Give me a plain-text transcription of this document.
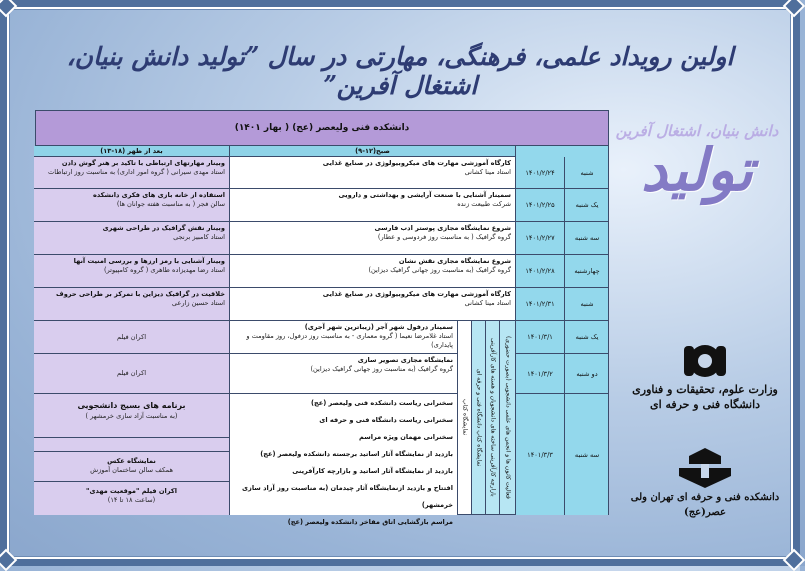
اولین رویداد علمی، فرهنگی، مهارتی در سال ˮتولید دانش بنیان، اشتغال آفرینˮ
دانش بنیان، اشتغال آفرین
تولید
دانشکده فنی ولیعصر (عج) ( بهار ۱۴۰۱)
شنبه
۱۴۰۱/۲/۲۴
یک شنبه
۱۴۰۱/۲/۲۵
سه شنبه
۱۴۰۱/۲/۲۷
چهارشنبه
۱۴۰۱/۲/۲۸
شنبه
۱۴۰۱/۲/۳۱
یک شنبه
۱۴۰۱/۳/۱
دو شنبه
۱۴۰۱/۳/۲
سه شنبه
۱۴۰۱/۳/۳
صبح(۱۲-۹)
بعد از ظهر (۱۸-۱۳)
کارگاه آموزشی مهارت های میکروبیولوژی در صنایع غذایی
استاد مینا کشانی
سمینار آشنایی با صنعت آرایشی و بهداشتی و دارویی
شرکت طبیعت زنده
شروع نمایشگاه مجازی پوستر ادب فارسی
گروه گرافیک ( به مناسبت روز فردوسی و عطار)
شروع نمایشگاه مجازی نقش نشان
گروه گرافیک (به مناسبت روز جهانی گرافیک دیزاین)
کارگاه آموزشی مهارت های میکروبیولوژی در صنایع غذایی
استاد مینا کشانی
فعالیت کانون ها و انجمن های علمی دانشجویی (بصورت حضوری)
بازارچه کارآفرینی ساخته های دانشجویان و هسته های کارآفرینی
نمایشگاه کتاب دانشگاه فنی و حرفه ای
نمایشگاه کتاب
سمینار درفول شهر آجر (زیباترین شهر آجری)
استاد غلامرضا نعیما ( گروه معماری - به مناسبت روز دزفول، روز مقاومت و پایداری)
نمایشگاه مجازی تصویر سازی
گروه گرافیک (به مناسبت روز جهانی گرافیک دیزاین)
سخنرانی ریاست دانشکده فنی ولیعصر (عج)
سخنرانی ریاست دانشگاه فنی و حرفه ای
سخنرانی مهمان ویژه مراسم
بازدید از نمایشگاه آثار اساتید برجسته دانشکده ولیعصر (عج)
بازدید از نمایشگاه آثار اساتید و بازارچه کارآفرینی
افتتاح و بازدید ازنمایشگاه آثار چیدمان (به مناسبت روز آزاد سازی خرمشهر)
مراسم بازگشایی اتاق مفاخر دانشکده ولیعصر (عج)
وبینار مهارتهای ارتباطی با تاکید بر هنر گوش دادن
استاد مهدی سیرانی ( گروه امور اداری) به مناسبت روز ارتباطات
استفاده از خانه بازی های فکری دانشکده
سالن فجر ( به مناسبت هفته جوانان ها)
وبینار نقش گرافیک در طراحی شهری
استاد کامبیز برنجی
وبینار آشنایی با رمز ارزها و بررسی امنیت آنها
استاد رضا مهدیزاده طاهری ( گروه کامپیوتر)
خلاقیت در گرافیک دیزاین با تمرکز بر طراحی حروف
استاد حسین زارعی
اکران فیلم
اکران فیلم
برنامه های بسیج دانشجویی
(به مناسبت آزاد سازی خرمشهر )
نمایشگاه عکس
همکف سالن ساختمان آموزش
اکران فیلم "موقعیت مهدی"
(ساعت ۱۸ تا ۱۴)
وزارت علوم، تحقیقات و فناوری
دانشگاه فنی و حرفه ای
دانشکده فنی و حرفه ای تهران ولی عصر(عج)
